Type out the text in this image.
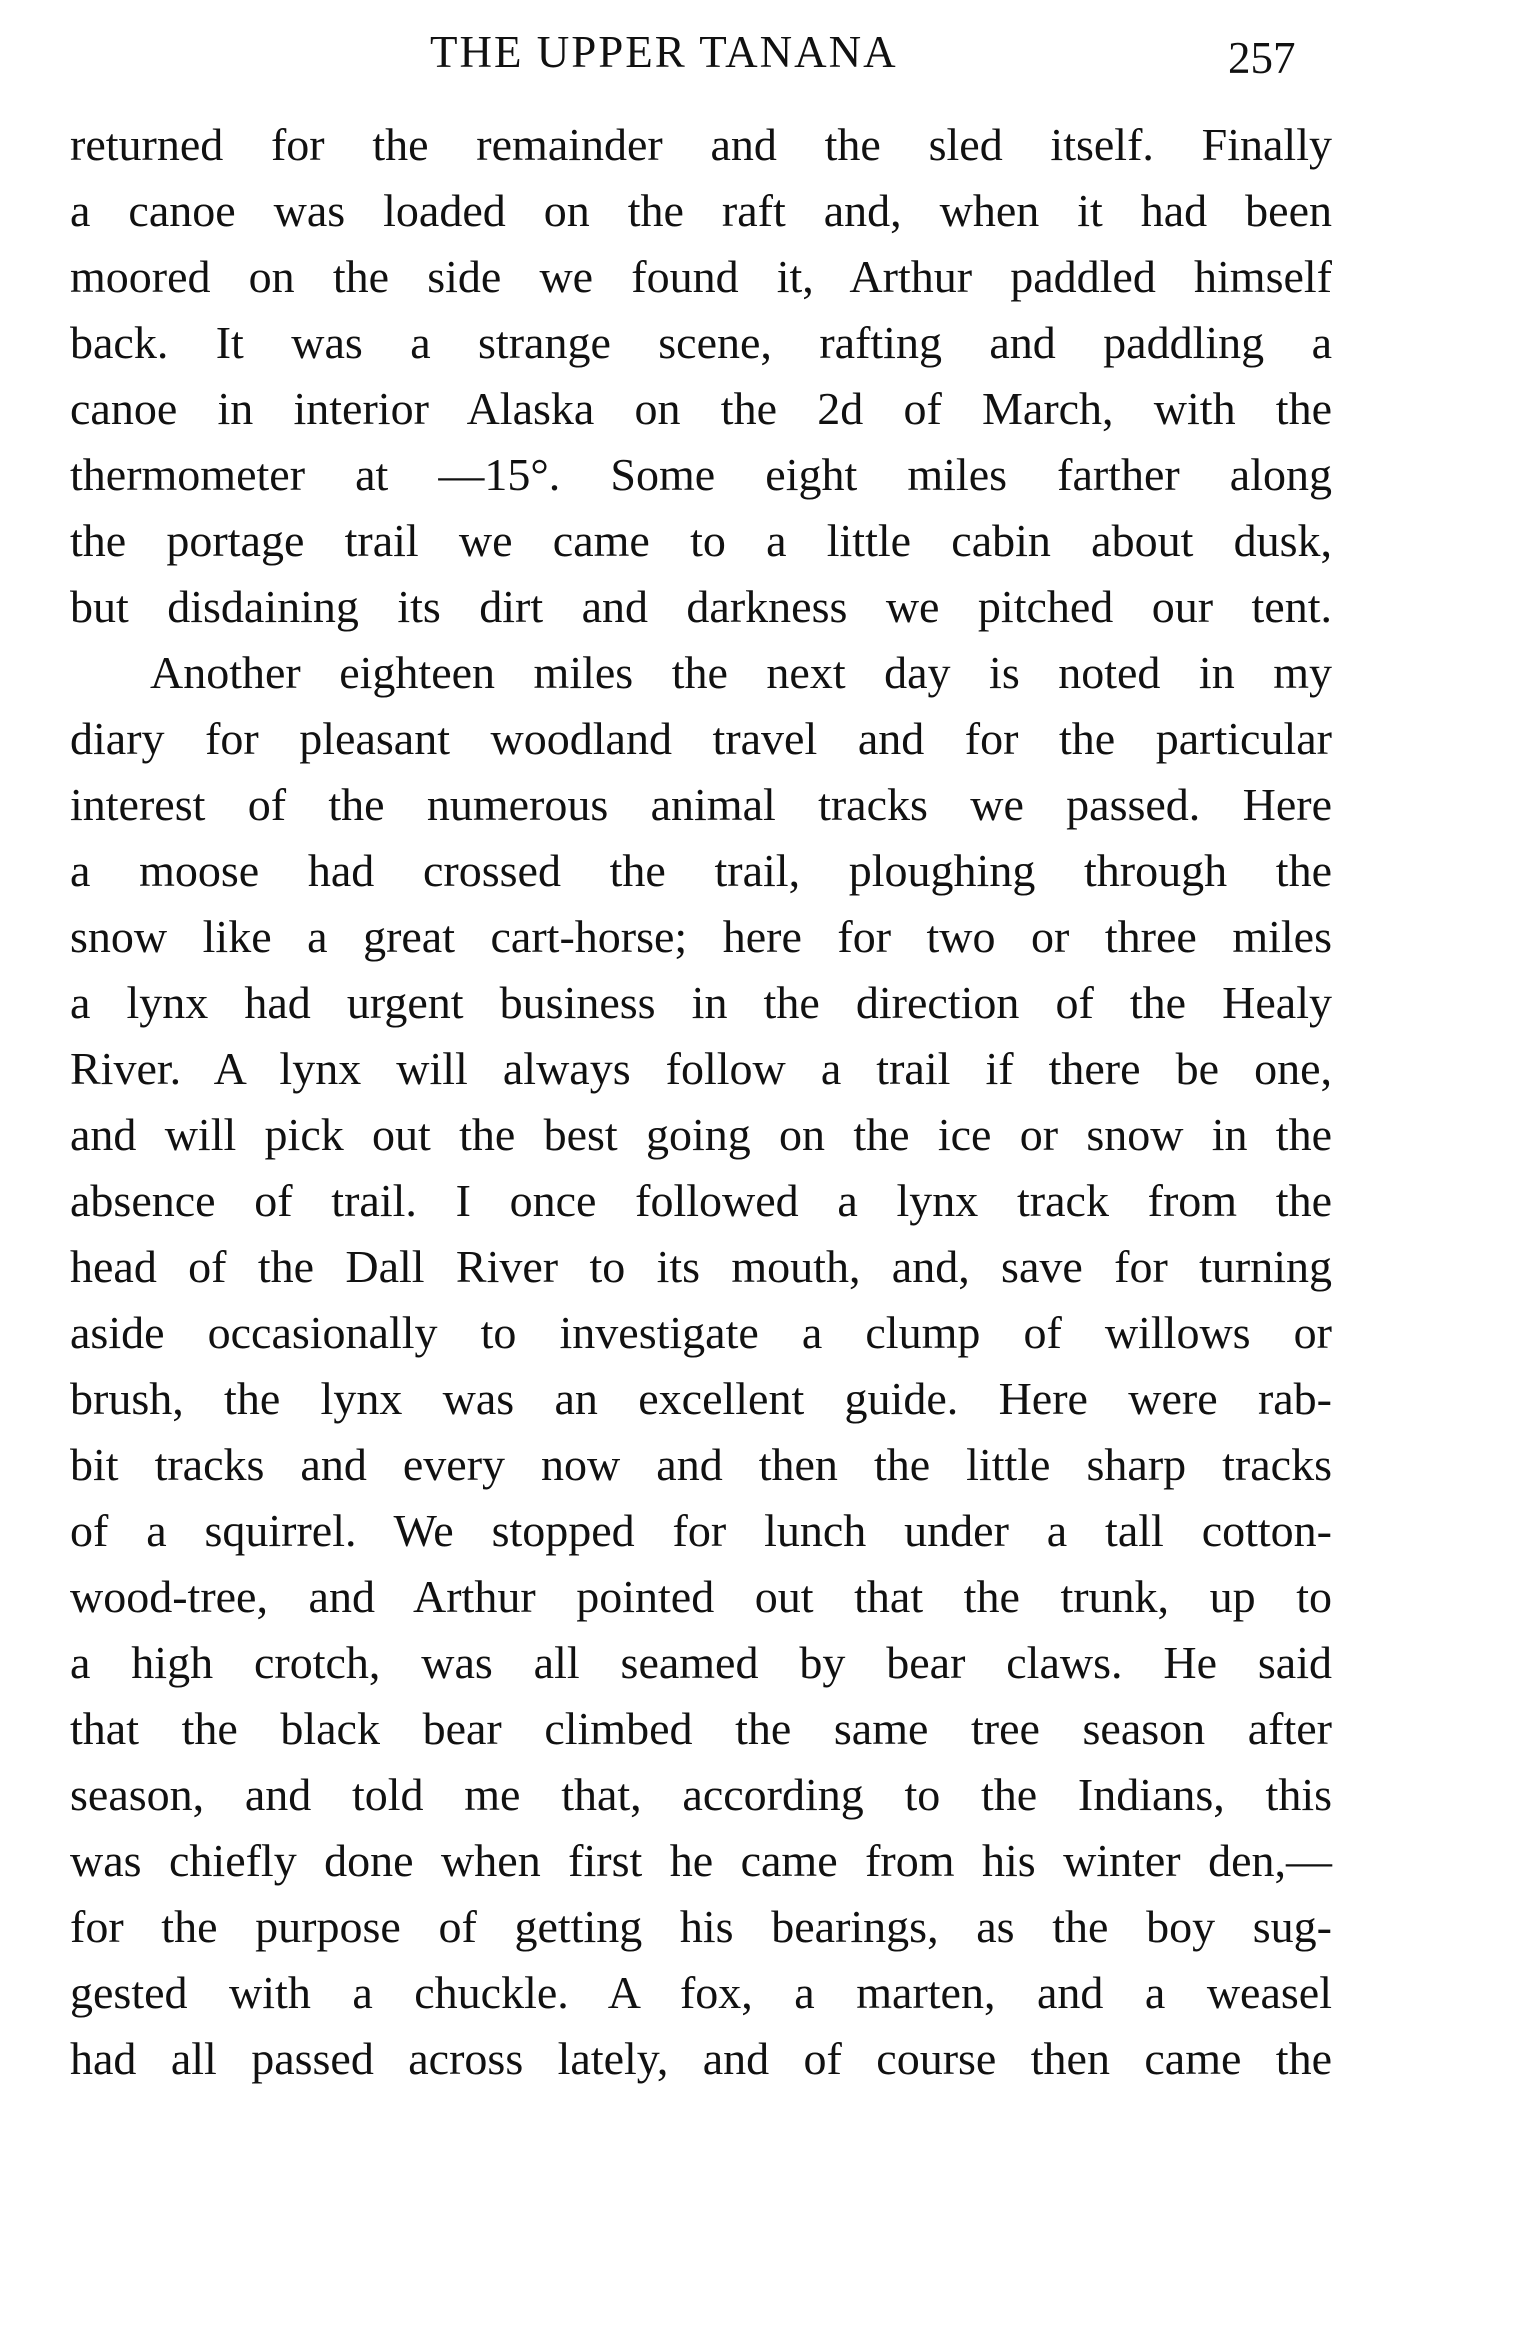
THE UPPER TANANA	257
returned for the remainder and the sled itself. Finally
a canoe was loaded on the raft and, when it had been
moored on the side we found it, Arthur paddled himself
back. It was a strange scene, rafting and paddling a
canoe in interior Alaska on the 2d of March, with the
thermometer at —15°. Some eight miles farther along
the portage trail we came to a little cabin about dusk,
but disdaining its dirt and darkness we pitched our tent.
Another eighteen miles the next day is noted in my
diary for pleasant woodland travel and for the particular
interest of the numerous animal tracks we passed. Here
a moose had crossed the trail, ploughing through the
snow like a great cart-horse; here for two or three miles
a lynx had urgent business in the direction of the Healy
River. A lynx will always follow a trail if there be one,
and will pick out the best going on the ice or snow in the
absence of trail. I once followed a lynx track from the
head of the Dall River to its mouth, and, save for turning
aside occasionally to investigate a clump of willows or
brush, the lynx was an excellent guide. Here were rab-
bit tracks and every now and then the little sharp tracks
of a squirrel. We stopped for lunch under a tall cotton-
wood-tree, and Arthur pointed out that the trunk, up to
a high crotch, was all seamed by bear claws. He said
that the black bear climbed the same tree season after
season, and told me that, according to the Indians, this
was chiefly done when first he came from his winter den,—
for the purpose of getting his bearings, as the boy sug-
gested with a chuckle. A fox, a marten, and a weasel
had all passed across lately, and of course then came the
